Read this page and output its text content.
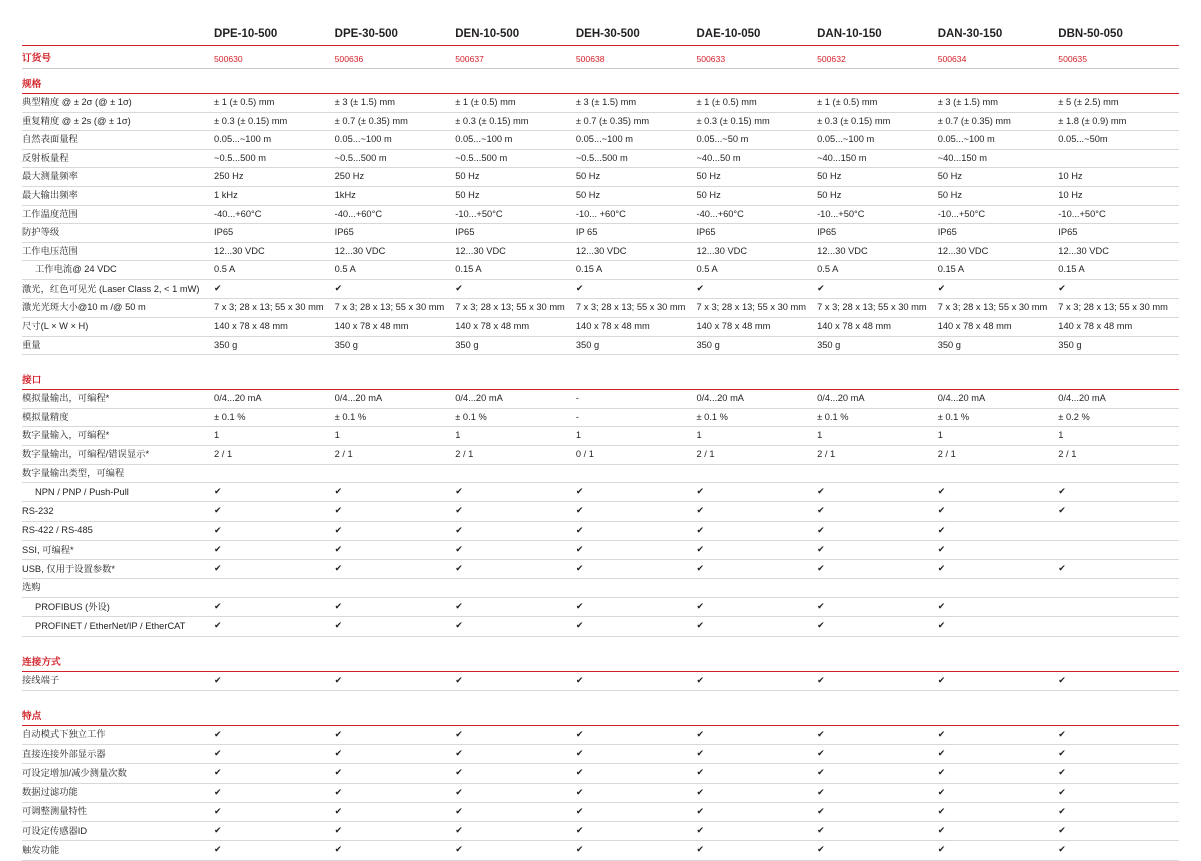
	DPE-10-500	DPE-30-500	DEN-10-500	DEH-30-500	DAE-10-050	DAN-10-150	DAN-30-150	DBN-50-050
订货号	500630	500636	500637	500638	500633	500632	500634	500635
规格								
典型精度 @ ± 2σ (@ ± 1σ)	± 1 (± 0.5) mm	± 3 (± 1.5) mm	± 1 (± 0.5) mm	± 3 (± 1.5) mm	± 1 (± 0.5) mm	± 1 (± 0.5) mm	± 3 (± 1.5) mm	± 5 (± 2.5) mm
重复精度 @ ± 2s (@ ± 1σ)	± 0.3 (± 0.15) mm	± 0.7 (± 0.35) mm	± 0.3 (± 0.15) mm	± 0.7 (± 0.35) mm	± 0.3 (± 0.15) mm	± 0.3 (± 0.15) mm	± 0.7 (± 0.35) mm	± 1.8 (± 0.9) mm
自然表面量程	0.05...~100 m	0.05...~100 m	0.05...~100 m	0.05...~100 m	0.05...~50 m	0.05...~100 m	0.05...~100 m	0.05...~50m
反射板量程	~0.5...500 m	~0.5...500 m	~0.5...500 m	~0.5...500 m	~40...50 m	~40...150 m	~40...150 m	
最大测量频率	250 Hz	250 Hz	50 Hz	50 Hz	50 Hz	50 Hz	50 Hz	10 Hz
最大输出频率	1 kHz	1kHz	50 Hz	50 Hz	50 Hz	50 Hz	50 Hz	10 Hz
工作温度范围	-40...+60°C	-40...+60°C	-10...+50°C	-10... +60°C	-40...+60°C	-10...+50°C	-10...+50°C	-10...+50°C
防护等级	IP65	IP65	IP65	IP 65	IP65	IP65	IP65	IP65
工作电压范围	12...30 VDC	12...30 VDC	12...30 VDC	12...30 VDC	12...30 VDC	12...30 VDC	12...30 VDC	12...30 VDC
工作电流@ 24 VDC	0.5 A	0.5 A	0.15 A	0.15 A	0.5 A	0.5 A	0.15 A	0.15 A
激光，红色可见光 (Laser Class 2, < 1 mW)	✔	✔	✔	✔	✔	✔	✔	✔
激光光斑大小@10 m /@ 50 m	7 x 3; 28 x 13; 55 x 30 mm	7 x 3; 28 x 13; 55 x 30 mm	7 x 3; 28 x 13; 55 x 30 mm	7 x 3; 28 x 13; 55 x 30 mm	7 x 3; 28 x 13; 55 x 30 mm	7 x 3; 28 x 13; 55 x 30 mm	7 x 3; 28 x 13; 55 x 30 mm	7 x 3; 28 x 13; 55 x 30 mm
尺寸(L × W × H)	140 x 78 x 48 mm	140 x 78 x 48 mm	140 x 78 x 48 mm	140 x 78 x 48 mm	140 x 78 x 48 mm	140 x 78 x 48 mm	140 x 78 x 48 mm	140 x 78 x 48 mm
重量	350 g	350 g	350 g	350 g	350 g	350 g	350 g	350 g

接口								
模拟量输出，可编程*	0/4...20 mA	0/4...20 mA	0/4...20 mA	-	0/4...20 mA	0/4...20 mA	0/4...20 mA	0/4...20 mA
模拟量精度	± 0.1 %	± 0.1 %	± 0.1 %	-	± 0.1 %	± 0.1 %	± 0.1 %	± 0.2 %
数字量输入，可编程*	1	1	1	1	1	1	1	1
数字量输出，可编程/错误显示*	2 / 1	2 / 1	2 / 1	0 / 1	2 / 1	2 / 1	2 / 1	2 / 1
数字量输出类型，可编程								
NPN / PNP / Push-Pull	✔	✔	✔	✔	✔	✔	✔	✔
RS-232	✔	✔	✔	✔	✔	✔	✔	✔
RS-422 / RS-485	✔	✔	✔	✔	✔	✔	✔	
SSI, 可编程*	✔	✔	✔	✔	✔	✔	✔	
USB, 仅用于设置参数*	✔	✔	✔	✔	✔	✔	✔	✔
选购								
PROFIBUS (外设)	✔	✔	✔	✔	✔	✔	✔	
PROFINET / EtherNet/IP / EtherCAT	✔	✔	✔	✔	✔	✔	✔	

连接方式								
接线端子	✔	✔	✔	✔	✔	✔	✔	✔

特点								
自动模式下独立工作	✔	✔	✔	✔	✔	✔	✔	✔
直接连接外部显示器	✔	✔	✔	✔	✔	✔	✔	✔
可设定增加/减少测量次数	✔	✔	✔	✔	✔	✔	✔	✔
数据过滤功能	✔	✔	✔	✔	✔	✔	✔	✔
可调整测量特性	✔	✔	✔	✔	✔	✔	✔	✔
可设定传感器ID	✔	✔	✔	✔	✔	✔	✔	✔
触发功能	✔	✔	✔	✔	✔	✔	✔	✔
